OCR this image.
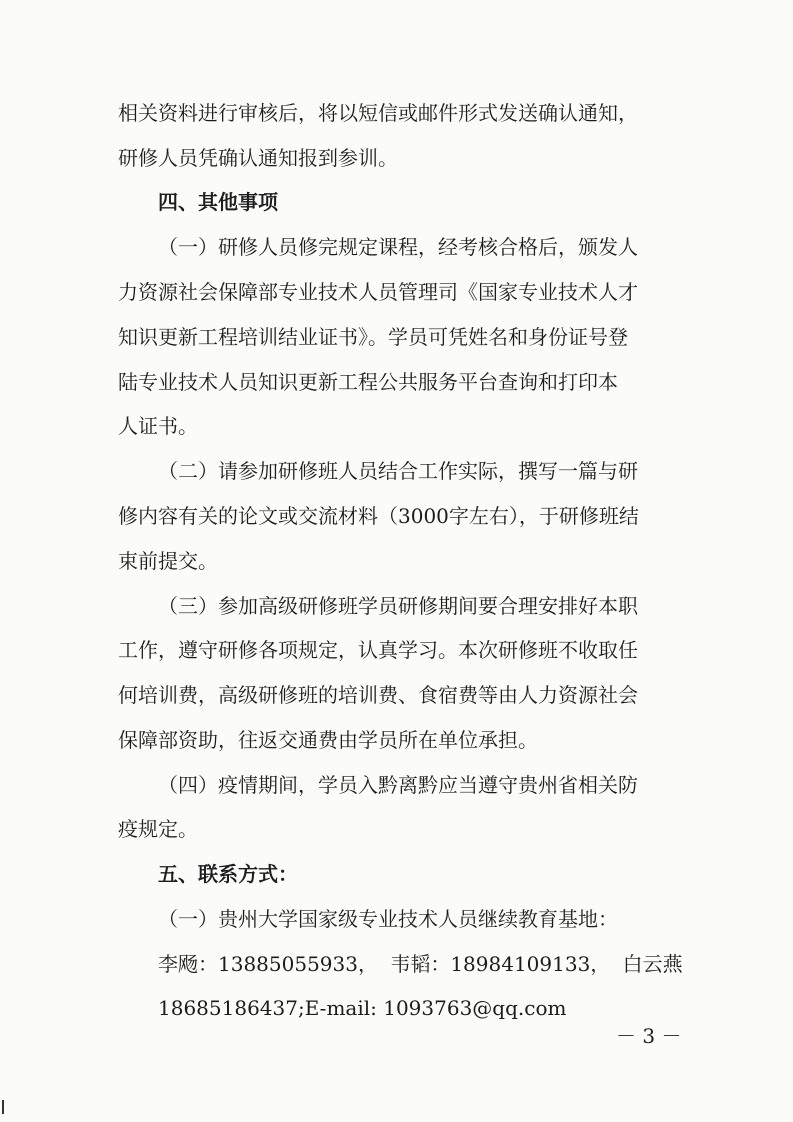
相关资料进行审核后，将以短信或邮件形式发送确认通知，
研修人员凭确认通知报到参训。
四、其他事项
（一）研修人员修完规定课程，经考核合格后，颁发人
力资源社会保障部专业技术人员管理司《国家专业技术人才
知识更新工程培训结业证书》。学员可凭姓名和身份证号登
陆专业技术人员知识更新工程公共服务平台查询和打印本
人证书。
（二）请参加研修班人员结合工作实际，撰写一篇与研
修内容有关的论文或交流材料（3000字左右），于研修班结
束前提交。
（三）参加高级研修班学员研修期间要合理安排好本职
工作，遵守研修各项规定，认真学习。本次研修班不收取任
何培训费，高级研修班的培训费、食宿费等由人力资源社会
保障部资助，往返交通费由学员所在单位承担。
（四）疫情期间，学员入黔离黔应当遵守贵州省相关防
疫规定。
五、联系方式：
（一）贵州大学国家级专业技术人员继续教育基地：
李飏：13885055933， 韦韬：18984109133， 白云燕
18685186437;E-mail: 1093763@qq.com
－ 3 －
